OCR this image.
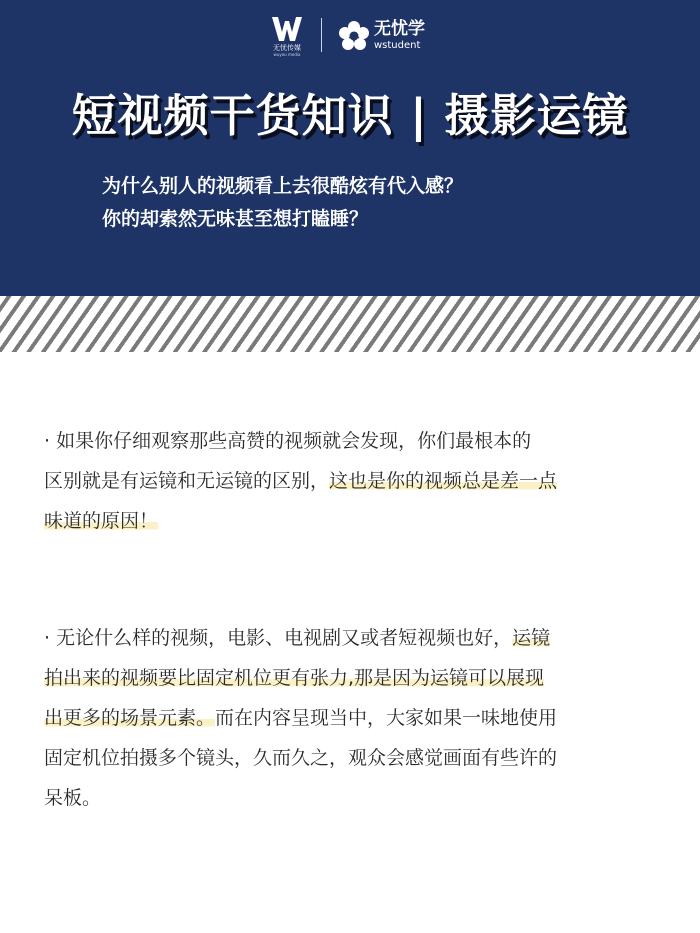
无忧传媒
wuyou media
无忧学
wstudent
短视频干货知识 | 摄影运镜
为什么别人的视频看上去很酷炫有代入感？
你的却索然无味甚至想打瞌睡？
· 如果你仔细观察那些高赞的视频就会发现，你们最根本的
区别就是有运镜和无运镜的区别，这也是你的视频总是差一点
味道的原因！
· 无论什么样的视频，电影、电视剧又或者短视频也好，运镜
拍出来的视频要比固定机位更有张力,那是因为运镜可以展现
出更多的场景元素。而在内容呈现当中，大家如果一味地使用
固定机位拍摄多个镜头，久而久之，观众会感觉画面有些许的
呆板。
